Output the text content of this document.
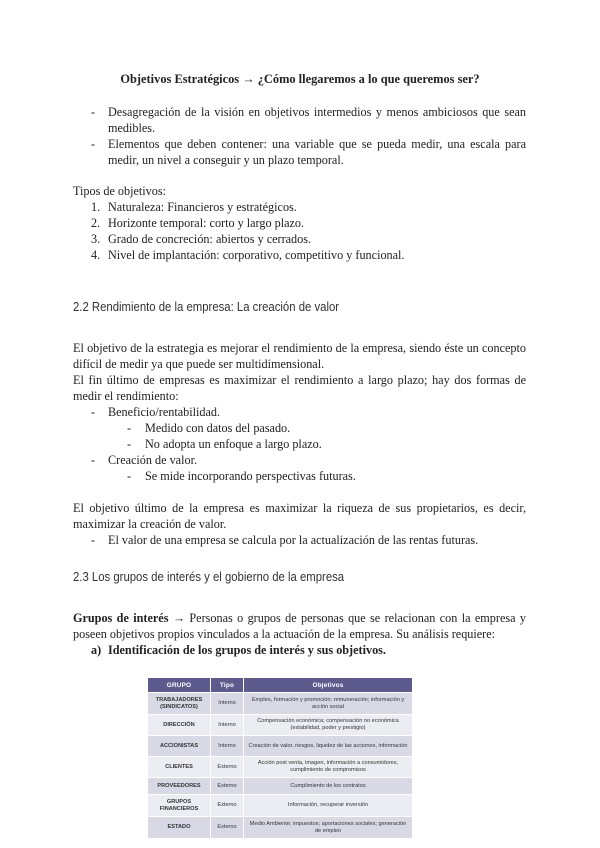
Objetivos Estratégicos → ¿Cómo llegaremos a lo que queremos ser?
- Desagregación de la visión en objetivos intermedios y menos ambiciosos que sean
medibles.
- Elementos que deben contener: una variable que se pueda medir, una escala para
medir, un nivel a conseguir y un plazo temporal.
Tipos de objetivos:
1. Naturaleza: Financieros y estratégicos.
2. Horizonte temporal: corto y largo plazo.
3. Grado de concreción: abiertos y cerrados.
4. Nivel de implantación: corporativo, competitivo y funcional.
2.2 Rendimiento de la empresa: La creación de valor
El objetivo de la estrategia es mejorar el rendimiento de la empresa, siendo éste un concepto
difícil de medir ya que puede ser multidimensional.
El fin último de empresas es maximizar el rendimiento a largo plazo; hay dos formas de
medir el rendimiento:
- Beneficio/rentabilidad.
- Medido con datos del pasado.
- No adopta un enfoque a largo plazo.
- Creación de valor.
- Se mide incorporando perspectivas futuras.
El objetivo último de la empresa es maximizar la riqueza de sus propietarios, es decir,
maximizar la creación de valor.
- El valor de una empresa se calcula por la actualización de las rentas futuras.
2.3 Los grupos de interés y el gobierno de la empresa
Grupos de interés → Personas o grupos de personas que se relacionan con la empresa y
poseen objetivos propios vinculados a la actuación de la empresa. Su análisis requiere:
a) Identificación de los grupos de interés y sus objetivos.
GRUPO	Tipo	Objetivos
TRABAJADORES (SINDICATOS)	Interno	Empleo, formación y promoción; remuneración; información y acción social
DIRECCIÓN	Interno	Compensación económica; compensación no económica (estabilidad, poder y prestigio)
ACCIONISTAS	Interno	Creación de valor, riesgos, liquidez de las acciones, información
CLIENTES	Externo	Acción post venta, imagen, información a consumidores, cumplimiento de compromisos
PROVEEDORES	Externo	Cumplimiento de los contratos
GRUPOS FINANCIEROS	Externo	Información, recuperar inversión
ESTADO	Externo	Medio Ambiente; impuestos; aportaciones sociales; generación de empleo
